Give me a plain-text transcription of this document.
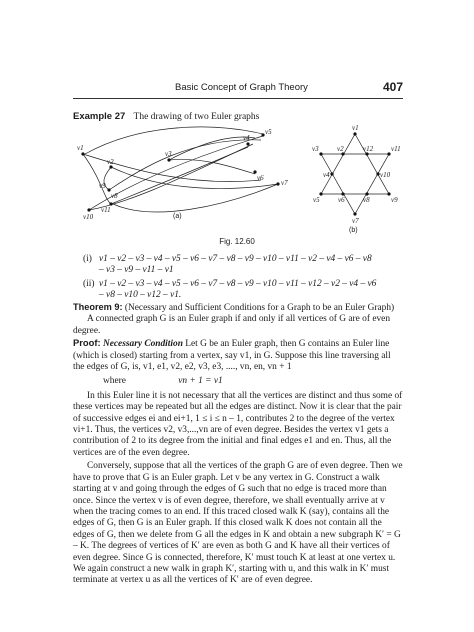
Basic Concept of Graph Theory	407
Example 27 The drawing of two Euler graphs
v1
v2
v3
v4
v5
v6
v7
v8
v9
v10
v11
(a)
v1
v2
v3
v4
v5	v6
v7
v8	v9
v10
v11
v12
(b)
Fig. 12.60
(i) v1 – v2 – v3 – v4 – v5 – v6 – v7 – v8 – v9 – v10 – v11 – v2 – v4 – v6 – v8
– v3 – v9 – v11 – v1
(ii) v1 – v2 – v3 – v4 – v5 – v6 – v7 – v8 – v9 – v10 – v11 – v12 – v2 – v4 – v6
– v8 – v10 – v12 – v1.

Theorem 9: (Necessary and Sufficient Conditions for a Graph to be an Euler Graph)

A connected graph G is an Euler graph if and only if all vertices of G are of even degree.

Proof: Necessary Condition Let G be an Euler graph, then G contains an Euler line (which is closed) starting from a vertex, say v1, in G. Suppose this line traversing all the edges of G, is, v1, e1, v2, e2, v3, e3, ...., vn, en, vn + 1

where	vn + 1 = v1

In this Euler line it is not necessary that all the vertices are distinct and thus some of these vertices may be repeated but all the edges are distinct. Now it is clear that the pair of successive edges ei and ei+1, 1 ≤ i ≤ n – 1, contributes 2 to the degree of the vertex vi+1. Thus, the vertices v2, v3,...,vn are of even degree. Besides the vertex v1 gets a contribution of 2 to its degree from the initial and final edges e1 and en. Thus, all the vertices are of the even degree.

Conversely, suppose that all the vertices of the graph G are of even degree. Then we have to prove that G is an Euler graph. Let v be any vertex in G. Construct a walk starting at v and going through the edges of G such that no edge is traced more than once. Since the vertex v is of even degree, therefore, we shall eventually arrive at v when the tracing comes to an end. If this traced closed walk K (say), contains all the edges of G, then G is an Euler graph. If this closed walk K does not contain all the edges of G, then we delete from G all the edges in K and obtain a new subgraph K′ = G – K. The degrees of vertices of K′ are even as both G and K have all their vertices of even degree. Since G is connected, therefore, K′ must touch K at least at one vertex u. We again construct a new walk in graph K′, starting with u, and this walk in K′ must terminate at vertex u as all the vertices of K′ are of even degree.
